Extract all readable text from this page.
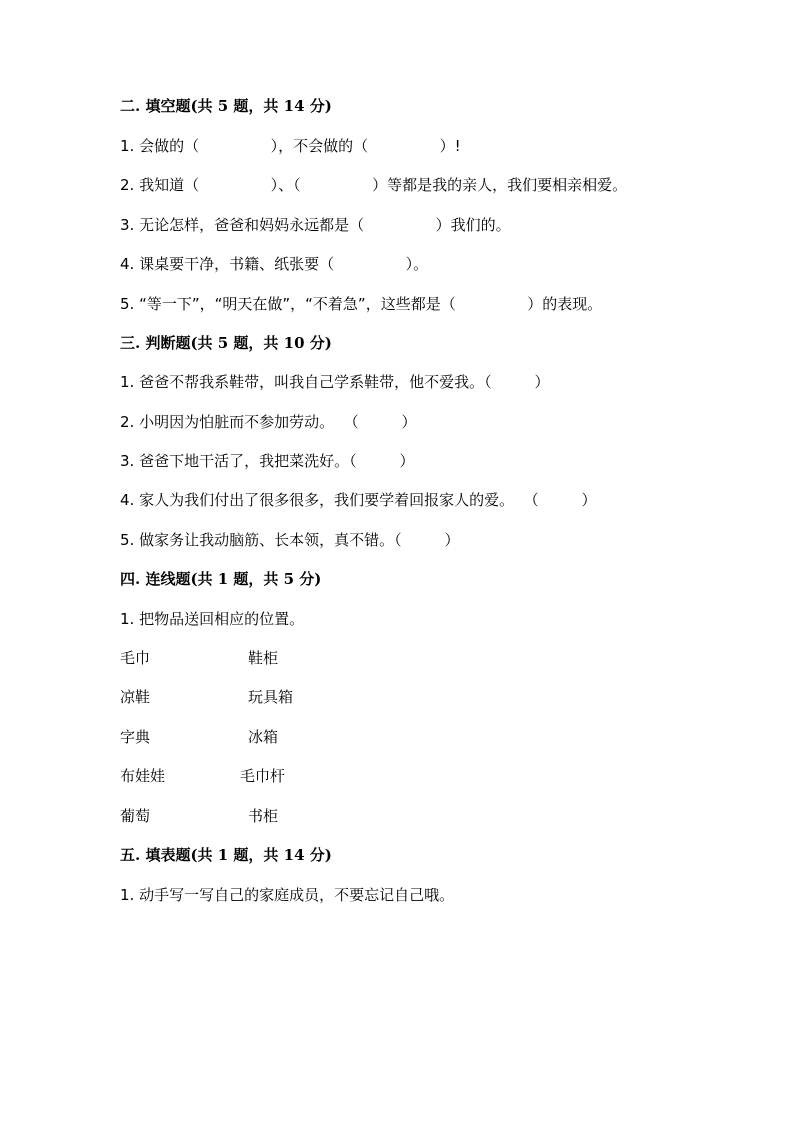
二. 填空题(共 5 题，共 14 分)
1. 会做的（               ），不会做的（               ）!
2. 我知道（               ）、（               ）等都是我的亲人，我们要相亲相爱。
3. 无论怎样，爸爸和妈妈永远都是（               ）我们的。
4. 课桌要干净，书籍、纸张要（               ）。
5. “等一下”，“明天在做”，“不着急”，这些都是（               ）的表现。
三. 判断题(共 5 题，共 10 分)
1. 爸爸不帮我系鞋带，叫我自己学系鞋带，他不爱我。（         ）
2. 小明因为怕脏而不参加劳动。  （         ）
3. 爸爸下地干活了，我把菜洗好。（         ）
4. 家人为我们付出了很多很多，我们要学着回报家人的爱。  （         ）
5. 做家务让我动脑筋、长本领，真不错。（         ）
四. 连线题(共 1 题，共 5 分)
1. 把物品送回相应的位置。
毛巾	鞋柜
凉鞋	玩具箱
字典	冰箱
布娃娃	毛巾杆
葡萄	书柜
五. 填表题(共 1 题，共 14 分)
1. 动手写一写自己的家庭成员，不要忘记自己哦。
